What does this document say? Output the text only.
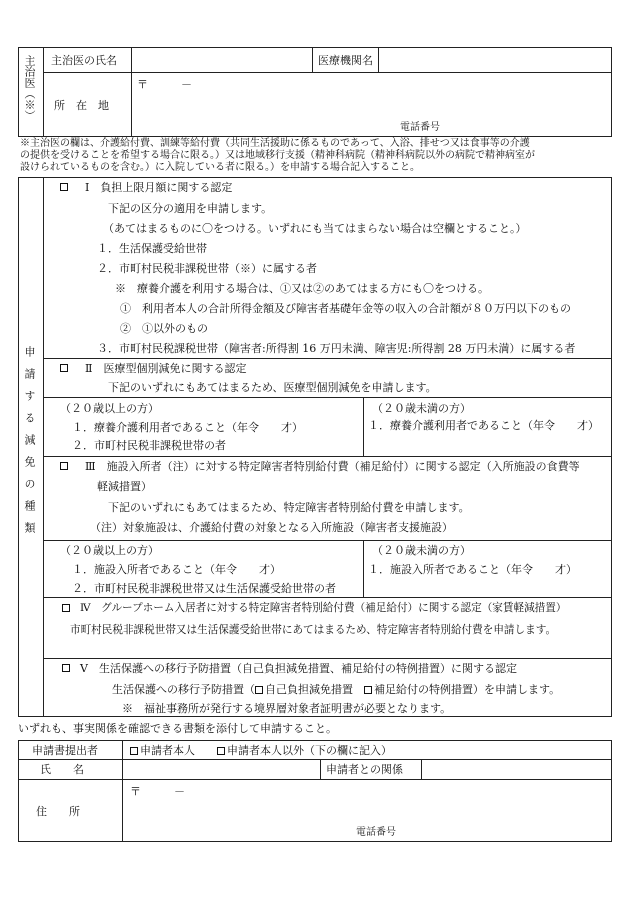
主治医（※） 主治医の氏名	医療機関名
所　在　地
〒　　　－
電話番号
※主治医の欄は、介護給付費、訓練等給付費（共同生活援助に係るものであって、入浴、排せつ又は食事等の介護
の提供を受けることを希望する場合に限る。）又は地域移行支援（精神科病院（精神科病院以外の病院で精神病室が
設けられているものを含む。）に入院している者に限る。）を申請する場合記入すること。
申請する減免の種類
Ⅰ　負担上限月額に関する認定
下記の区分の適用を申請します。
（あてはまるものに〇をつける。いずれにも当てはまらない場合は空欄とすること。）
１．生活保護受給世帯
２．市町村民税非課税世帯（※）に属する者
※　療養介護を利用する場合は、①又は②のあてはまる方にも〇をつける。
①　利用者本人の合計所得金額及び障害者基礎年金等の収入の合計額が８０万円以下のもの
②　①以外のもの
３．市町村民税課税世帯（障害者:所得割 16 万円未満、障害児:所得割 28 万円未満）に属する者
Ⅱ　医療型個別減免に関する認定
下記のいずれにもあてはまるため、医療型個別減免を申請します。
（２０歳以上の方）
１．療養介護利用者であること（年令　　才）
２．市町村民税非課税世帯の者
（２０歳未満の方）
１．療養介護利用者であること（年令　　才）
Ⅲ　施設入所者（注）に対する特定障害者特別給付費（補足給付）に関する認定（入所施設の食費等
軽減措置）
下記のいずれにもあてはまるため、特定障害者特別給付費を申請します。
（注）対象施設は、介護給付費の対象となる入所施設（障害者支援施設）
（２０歳以上の方）
１．施設入所者であること（年令　　才）
２．市町村民税非課税世帯又は生活保護受給世帯の者
（２０歳未満の方）
１．施設入所者であること（年令　　才）
Ⅳ　グループホーム入居者に対する特定障害者特別給付費（補足給付）に関する認定（家賃軽減措置）
市町村民税非課税世帯又は生活保護受給世帯にあてはまるため、特定障害者特別給付費を申請します。
Ⅴ　生活保護への移行予防措置（自己負担減免措置、補足給付の特例措置）に関する認定
生活保護への移行予防措置（ 自己負担減免措置　 補足給付の特例措置）を申請します。
※　福祉事務所が発行する境界層対象者証明書が必要となります。
いずれも、事実関係を確認できる書類を添付して申請すること。
申請書提出者	申請者本人　　	申請者本人以外（下の欄に記入）
氏　　名	申請者との関係
住　　所
〒　　　－
電話番号
